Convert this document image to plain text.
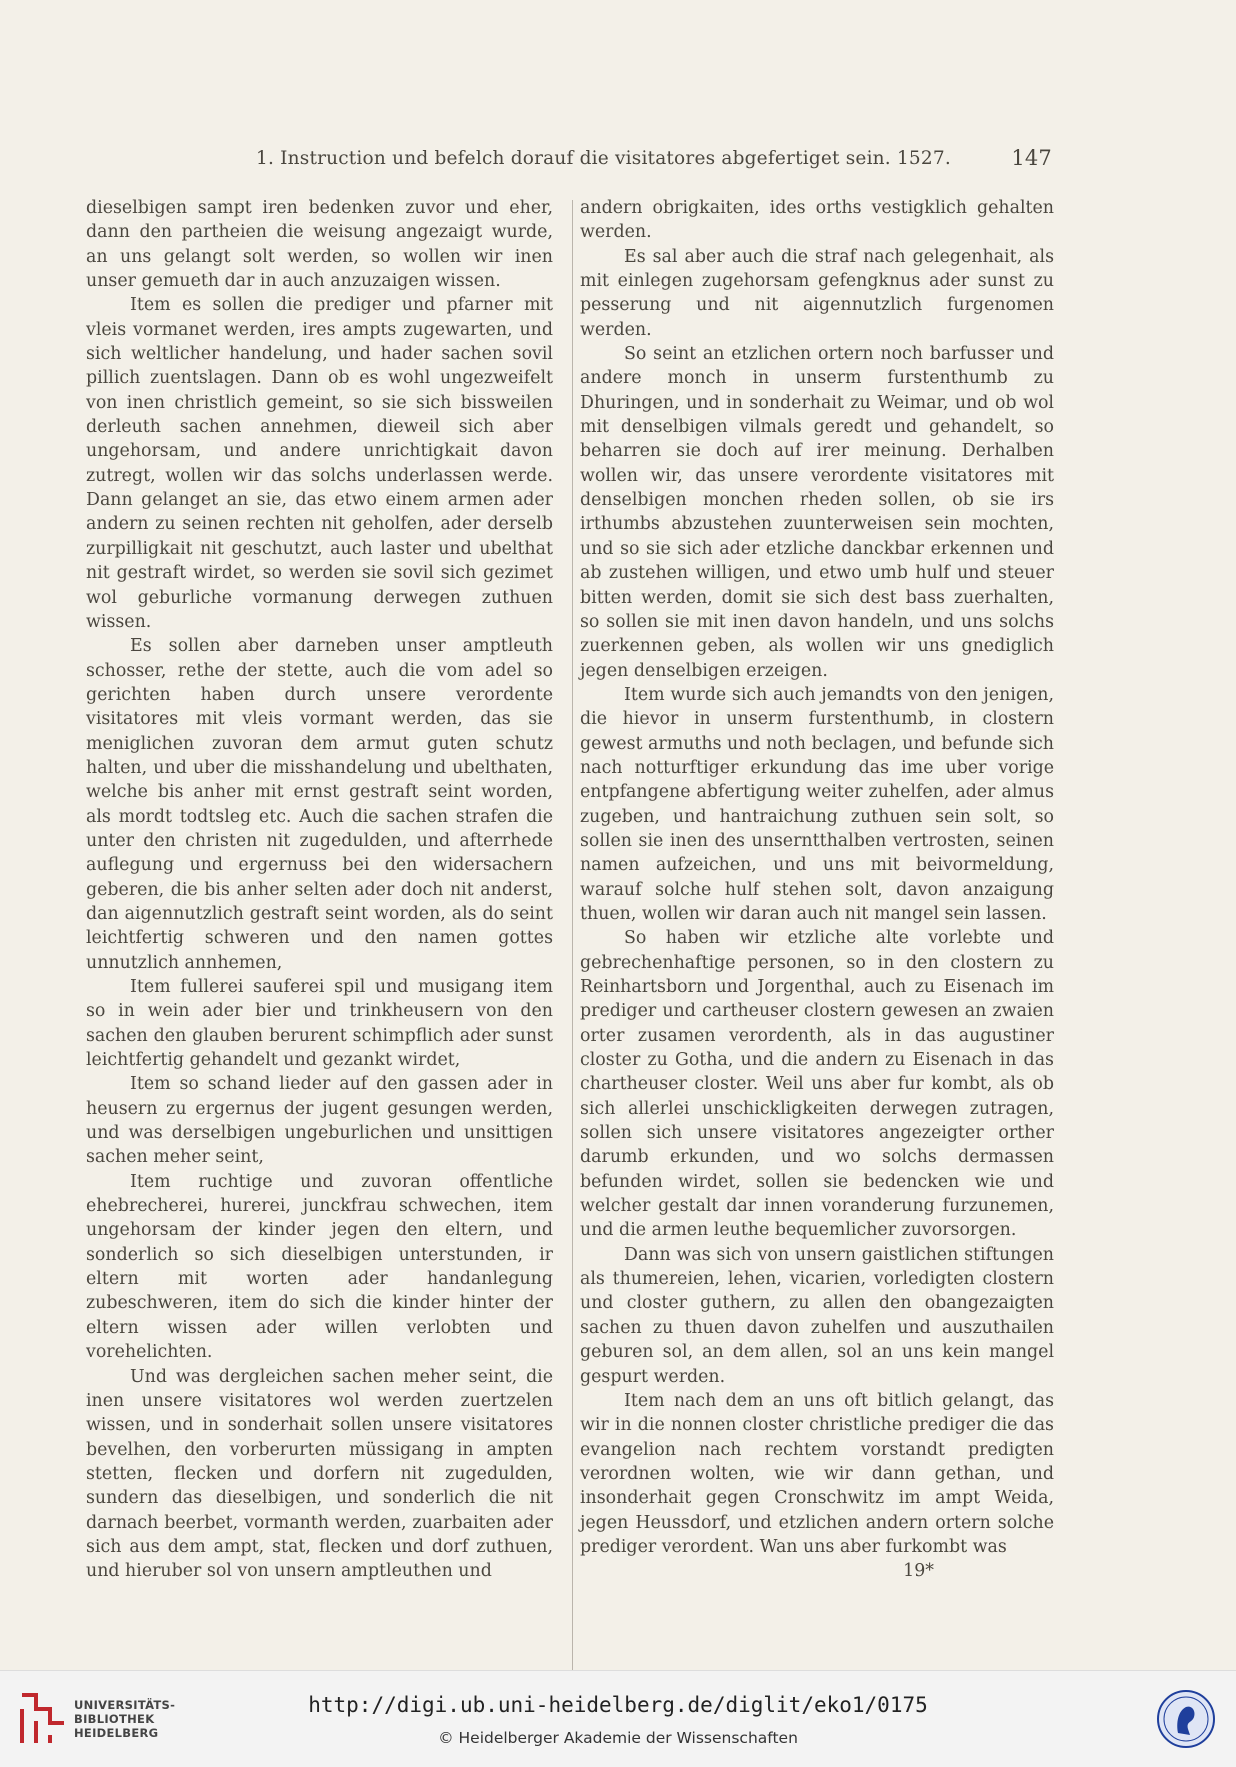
1. Instruction und befelch dorauf die visitatores abgefertiget sein. 1527.	147

dieselbigen sampt iren bedenken zuvor und eher, dann den partheien die weisung angezaigt wurde, an uns gelangt solt werden, so wollen wir inen unser gemueth dar in auch anzuzaigen wissen.

Item es sollen die prediger und pfarner mit vleis vormanet werden, ires ampts zugewarten, und sich weltlicher handelung, und hader sachen sovil pillich zuentslagen. Dann ob es wohl ungezweifelt von inen christlich gemeint, so sie sich bissweilen derleuth sachen annehmen, dieweil sich aber ungehorsam, und andere unrichtigkait davon zutregt, wollen wir das solchs underlassen werde. Dann gelanget an sie, das etwo einem armen ader andern zu seinen rechten nit geholfen, ader derselb zurpilligkait nit geschutzt, auch laster und ubelthat nit gestraft wirdet, so werden sie sovil sich gezimet wol geburliche vormanung derwegen zuthuen wissen.

Es sollen aber darneben unser amptleuth schosser, rethe der stette, auch die vom adel so gerichten haben durch unsere verordente visitatores mit vleis vormant werden, das sie meniglichen zuvoran dem armut guten schutz halten, und uber die misshandelung und ubelthaten, welche bis anher mit ernst gestraft seint worden, als mordt todtsleg etc. Auch die sachen strafen die unter den christen nit zugedulden, und afterrhede auflegung und ergernuss bei den widersachern geberen, die bis anher selten ader doch nit anderst, dan aigennutzlich gestraft seint worden, als do seint leichtfertig schweren und den namen gottes unnutzlich annhemen,

Item fullerei sauferei spil und musigang item so in wein ader bier und trinkheusern von den sachen den glauben berurent schimpflich ader sunst leichtfertig gehandelt und gezankt wirdet,

Item so schand lieder auf den gassen ader in heusern zu ergernus der jugent gesungen werden, und was derselbigen ungeburlichen und unsittigen sachen meher seint,

Item ruchtige und zuvoran offentliche ehebrecherei, hurerei, junckfrau schwechen, item ungehorsam der kinder jegen den eltern, und sonderlich so sich dieselbigen unterstunden, ir eltern mit worten ader handanlegung zubeschweren, item do sich die kinder hinter der eltern wissen ader willen verlobten und vorehelichten.

Und was dergleichen sachen meher seint, die inen unsere visitatores wol werden zuertzelen wissen, und in sonderhait sollen unsere visitatores bevelhen, den vorberurten müssigang in ampten stetten, flecken und dorfern nit zugedulden, sundern das dieselbigen, und sonderlich die nit darnach beerbet, vormanth werden, zuarbaiten ader sich aus dem ampt, stat, flecken und dorf zuthuen, und hieruber sol von unsern amptleuthen und

andern obrigkaiten, ides orths vestigklich gehalten werden.

Es sal aber auch die straf nach gelegenhait, als mit einlegen zugehorsam gefengknus ader sunst zu pesserung und nit aigennutzlich furgenomen werden.

So seint an etzlichen ortern noch barfusser und andere monch in unserm furstenthumb zu Dhuringen, und in sonderhait zu Weimar, und ob wol mit denselbigen vilmals geredt und gehandelt, so beharren sie doch auf irer meinung. Derhalben wollen wir, das unsere verordente visitatores mit denselbigen monchen rheden sollen, ob sie irs irthumbs abzustehen zuunterweisen sein mochten, und so sie sich ader etzliche danckbar erkennen und ab zustehen willigen, und etwo umb hulf und steuer bitten werden, domit sie sich dest bass zuerhalten, so sollen sie mit inen davon handeln, und uns solchs zuerkennen geben, als wollen wir uns gnediglich jegen denselbigen erzeigen.

Item wurde sich auch jemandts von den jenigen, die hievor in unserm furstenthumb, in clostern gewest armuths und noth beclagen, und befunde sich nach notturftiger erkundung das ime uber vorige entpfangene abfertigung weiter zuhelfen, ader almus zugeben, und hantraichung zuthuen sein solt, so sollen sie inen des unserntthalben vertrosten, seinen namen aufzeichen, und uns mit beivormeldung, warauf solche hulf stehen solt, davon anzaigung thuen, wollen wir daran auch nit mangel sein lassen.

So haben wir etzliche alte vorlebte und gebrechenhaftige personen, so in den clostern zu Reinhartsborn und Jorgenthal, auch zu Eisenach im prediger und cartheuser clostern gewesen an zwaien orter zusamen verordenth, als in das augustiner closter zu Gotha, und die andern zu Eisenach in das chartheuser closter. Weil uns aber fur kombt, als ob sich allerlei unschickligkeiten derwegen zutragen, sollen sich unsere visitatores angezeigter orther darumb erkunden, und wo solchs dermassen befunden wirdet, sollen sie bedencken wie und welcher gestalt dar innen voranderung furzunemen, und die armen leuthe bequemlicher zuvorsorgen.

Dann was sich von unsern gaistlichen stiftungen als thumereien, lehen, vicarien, vorledigten clostern und closter guthern, zu allen den obangezaigten sachen zu thuen davon zuhelfen und auszuthailen geburen sol, an dem allen, sol an uns kein mangel gespurt werden.

Item nach dem an uns oft bitlich gelangt, das wir in die nonnen closter christliche prediger die das evangelion nach rechtem vorstandt predigten verordnen wolten, wie wir dann gethan, und insonderhait gegen Cronschwitz im ampt Weida, jegen Heussdorf, und etzlichen andern ortern solche prediger verordent. Wan uns aber furkombt was

19*
UNIVERSITÄTS-
BIBLIOTHEK
HEIDELBERG
http://digi.ub.uni-heidelberg.de/diglit/eko1/0175
© Heidelberger Akademie der Wissenschaften
